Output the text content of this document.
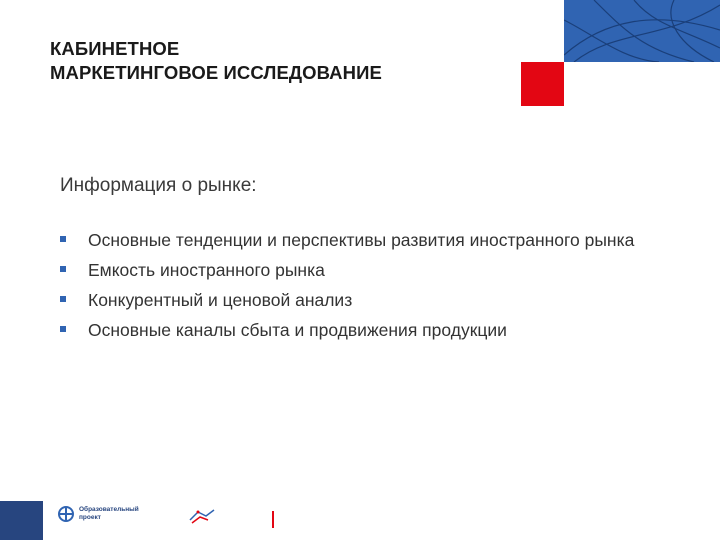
КАБИНЕТНОЕ
МАРКЕТИНГОВОЕ ИССЛЕДОВАНИЕ
Информация о рынке:
Основные тенденции и перспективы развития иностранного рынка
Емкость иностранного рынка
Конкурентный и ценовой анализ
Основные каналы сбыта и продвижения продукции
Образовательный
проект
